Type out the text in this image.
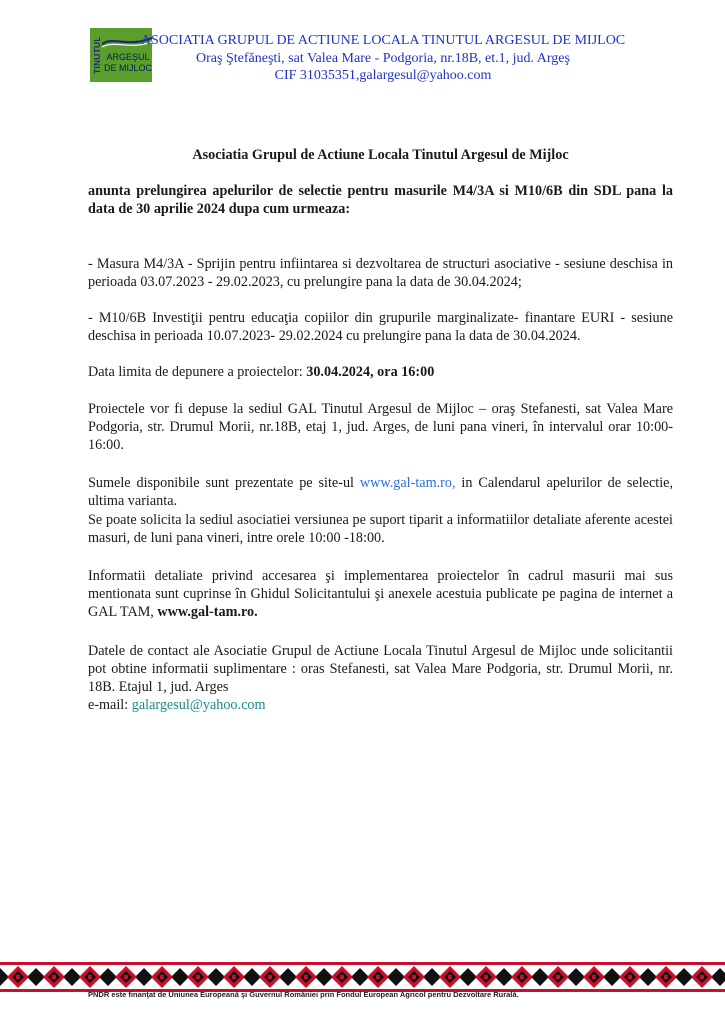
TINUTUL ARGEŞUL
DE MIJLOC
ASOCIATIA GRUPUL DE ACTIUNE LOCALA TINUTUL ARGESUL DE MIJLOC
Oraş Ştefăneşti, sat Valea Mare - Podgoria, nr.18B, et.1, jud. Argeş
CIF 31035351,galargesul@yahoo.com

Asociatia Grupul de Actiune Locala Tinutul Argesul de Mijloc

anunta prelungirea apelurilor de selectie pentru masurile M4/3A si M10/6B din SDL pana la data de 30 aprilie 2024 dupa cum urmeaza:

- Masura M4/3A - Sprijin pentru infiintarea si dezvoltarea de structuri asociative - sesiune deschisa in perioada 03.07.2023 - 29.02.2023, cu prelungire pana la data de 30.04.2024;

- M10/6B Investiţii pentru educaţia copiilor din grupurile marginalizate- finantare EURI - sesiune deschisa in perioada 10.07.2023- 29.02.2024 cu prelungire pana la data de 30.04.2024.

Data limita de depunere a proiectelor: 30.04.2024, ora 16:00

Proiectele vor fi depuse la sediul GAL Tinutul Argesul de Mijloc – oraş Stefanesti, sat Valea Mare Podgoria, str. Drumul Morii, nr.18B, etaj 1, jud. Arges, de luni pana vineri, în intervalul orar 10:00-16:00.

Sumele disponibile sunt prezentate pe site-ul www.gal-tam.ro, in Calendarul apelurilor de selectie, ultima varianta.

Se poate solicita la sediul asociatiei versiunea pe suport tiparit a informatiilor detaliate aferente acestei masuri, de luni pana vineri, intre orele 10:00 -18:00.

Informatii detaliate privind accesarea şi implementarea proiectelor în cadrul masurii mai sus mentionata sunt cuprinse în Ghidul Solicitantului şi anexele acestuia publicate pe pagina de internet a GAL TAM, www.gal-tam.ro.

Datele de contact ale Asociatie Grupul de Actiune Locala Tinutul Argesul de Mijloc unde solicitantii pot obtine informatii suplimentare : oras Stefanesti, sat Valea Mare Podgoria, str. Drumul Morii, nr. 18B. Etajul 1, jud. Arges

e-mail: galargesul@yahoo.com

PNDR este finanţat de Uniunea Europeană şi Guvernul României prin Fondul European Agricol pentru Dezvoltare Rurală.
